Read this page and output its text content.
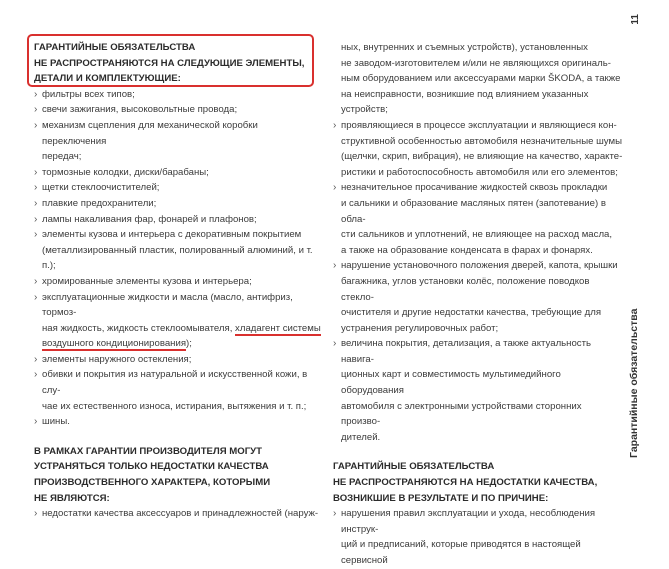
ГАРАНТИЙНЫЕ ОБЯЗАТЕЛЬСТВА
НЕ РАСПРОСТРАНЯЮТСЯ НА СЛЕДУЮЩИЕ ЭЛЕМЕНТЫ,
ДЕТАЛИ И КОМПЛЕКТУЮЩИЕ:
› фильтры всех типов;
› свечи зажигания, высоковольтные провода;
› механизм сцепления для механической коробки переключения
передач;
› тормозные колодки, диски/барабаны;
› щетки стеклоочистителей;
› плавкие предохранители;
› лампы накаливания фар, фонарей и плафонов;
› элементы кузова и интерьера с декоративным покрытием
(металлизированный пластик, полированный алюминий, и т. п.);
› хромированные элементы кузова и интерьера;
› эксплуатационные жидкости и масла (масло, антифриз, тормоз-
ная жидкость, жидкость стеклоомывателя, хладагент системы
воздушного кондиционирования);
› элементы наружного остекления;
› обивки и покрытия из натуральной и искусственной кожи, в слу-
чае их естественного износа, истирания, вытяжения и т. п.;
› шины.
В РАМКАХ ГАРАНТИИ ПРОИЗВОДИТЕЛЯ МОГУТ
УСТРАНЯТЬСЯ ТОЛЬКО НЕДОСТАТКИ КАЧЕСТВА
ПРОИЗВОДСТВЕННОГО ХАРАКТЕРА, КОТОРЫМИ
НЕ ЯВЛЯЮТСЯ:
› недостатки качества аксессуаров и принадлежностей (наруж-
ных, внутренних и съемных устройств), установленных
не заводом-изготовителем и/или не являющихся оригиналь-
ным оборудованием или аксессуарами марки ŠKODA, а также
на неисправности, возникшие под влиянием указанных
устройств;
› проявляющиеся в процессе эксплуатации и являющиеся кон-
структивной особенностью автомобиля незначительные шумы
(щелчки, скрип, вибрация), не влияющие на качество, характе-
ристики и работоспособность автомобиля или его элементов;
› незначительное просачивание жидкостей сквозь прокладки
и сальники и образование масляных пятен (запотевание) в обла-
сти сальников и уплотнений, не влияющее на расход масла,
а также на образование конденсата в фарах и фонарях.
› нарушение установочного положения дверей, капота, крышки
багажника, углов установки колёс, положение поводков стекло-
очистителя и другие недостатки качества, требующие для
устранения регулировочных работ;
› величина покрытия, детализация, а также актуальность навига-
ционных карт и совместимость мультимедийного оборудования
автомобиля с электронными устройствами сторонних произво-
дителей.
ГАРАНТИЙНЫЕ ОБЯЗАТЕЛЬСТВА
НЕ РАСПРОСТРАНЯЮТСЯ НА НЕДОСТАТКИ КАЧЕСТВА,
ВОЗНИКШИЕ В РЕЗУЛЬТАТЕ И ПО ПРИЧИНЕ:
› нарушения правил эксплуатации и ухода, несоблюдения инструк-
ций и предписаний, которые приводятся в настоящей сервисной
11
Гарантийные обязательства
